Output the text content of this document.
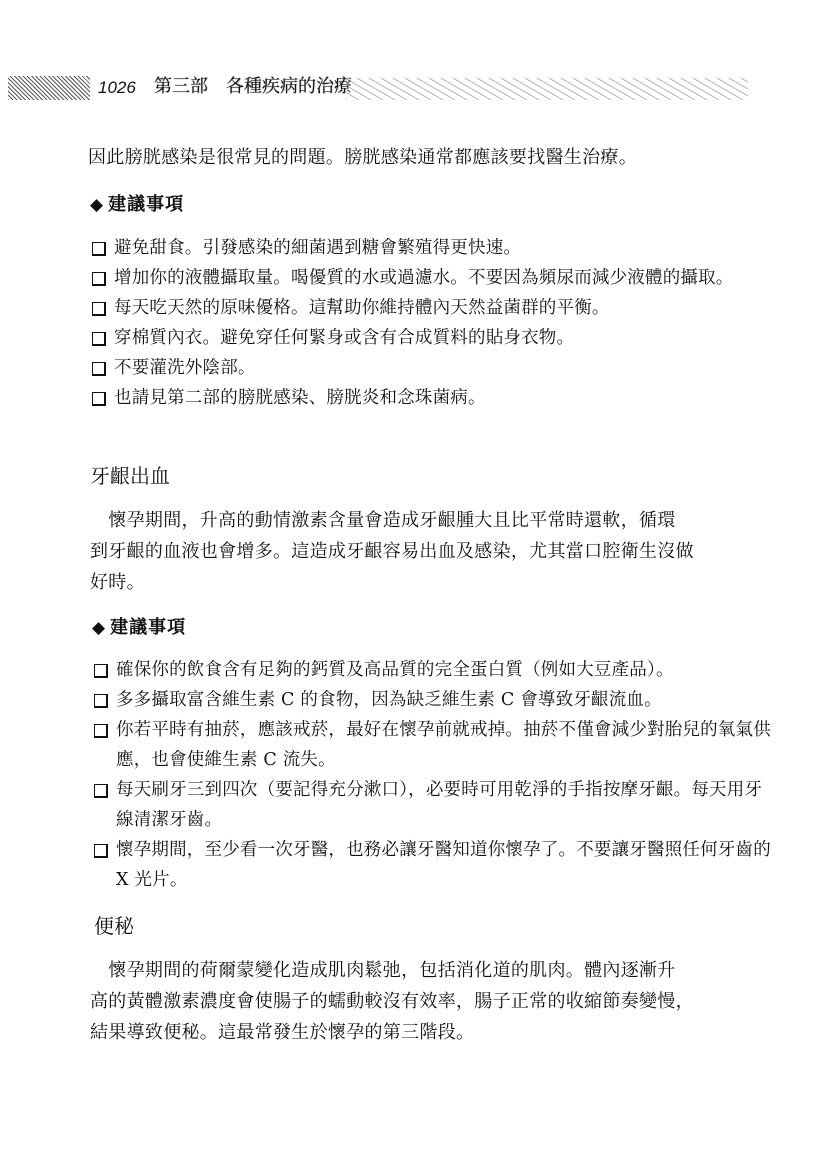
1026 第三部　各種疾病的治療

因此膀胱感染是很常見的問題。膀胱感染通常都應該要找醫生治療。

◆ 建議事項
避免甜食。引發感染的細菌遇到糖會繁殖得更快速。
增加你的液體攝取量。喝優質的水或過濾水。不要因為頻尿而減少液體的攝取。
每天吃天然的原味優格。這幫助你維持體內天然益菌群的平衡。
穿棉質內衣。避免穿任何緊身或含有合成質料的貼身衣物。
不要灌洗外陰部。
也請見第二部的膀胱感染、膀胱炎和念珠菌病。
牙齦出血
　懷孕期間，升高的動情激素含量會造成牙齦腫大且比平常時還軟，循環
到牙齦的血液也會增多。這造成牙齦容易出血及感染，尤其當口腔衛生沒做
好時。
◆ 建議事項
確保你的飲食含有足夠的鈣質及高品質的完全蛋白質（例如大豆產品）。
多多攝取富含維生素 C 的食物，因為缺乏維生素 C 會導致牙齦流血。
你若平時有抽菸，應該戒菸，最好在懷孕前就戒掉。抽菸不僅會減少對胎兒的氧氣供應，也會使維生素 C 流失。
每天刷牙三到四次（要記得充分漱口），必要時可用乾淨的手指按摩牙齦。每天用牙線清潔牙齒。
懷孕期間，至少看一次牙醫，也務必讓牙醫知道你懷孕了。不要讓牙醫照任何牙齒的 X 光片。
便秘
　懷孕期間的荷爾蒙變化造成肌肉鬆弛，包括消化道的肌肉。體內逐漸升
高的黃體激素濃度會使腸子的蠕動較沒有效率，腸子正常的收縮節奏變慢，
結果導致便秘。這最常發生於懷孕的第三階段。
